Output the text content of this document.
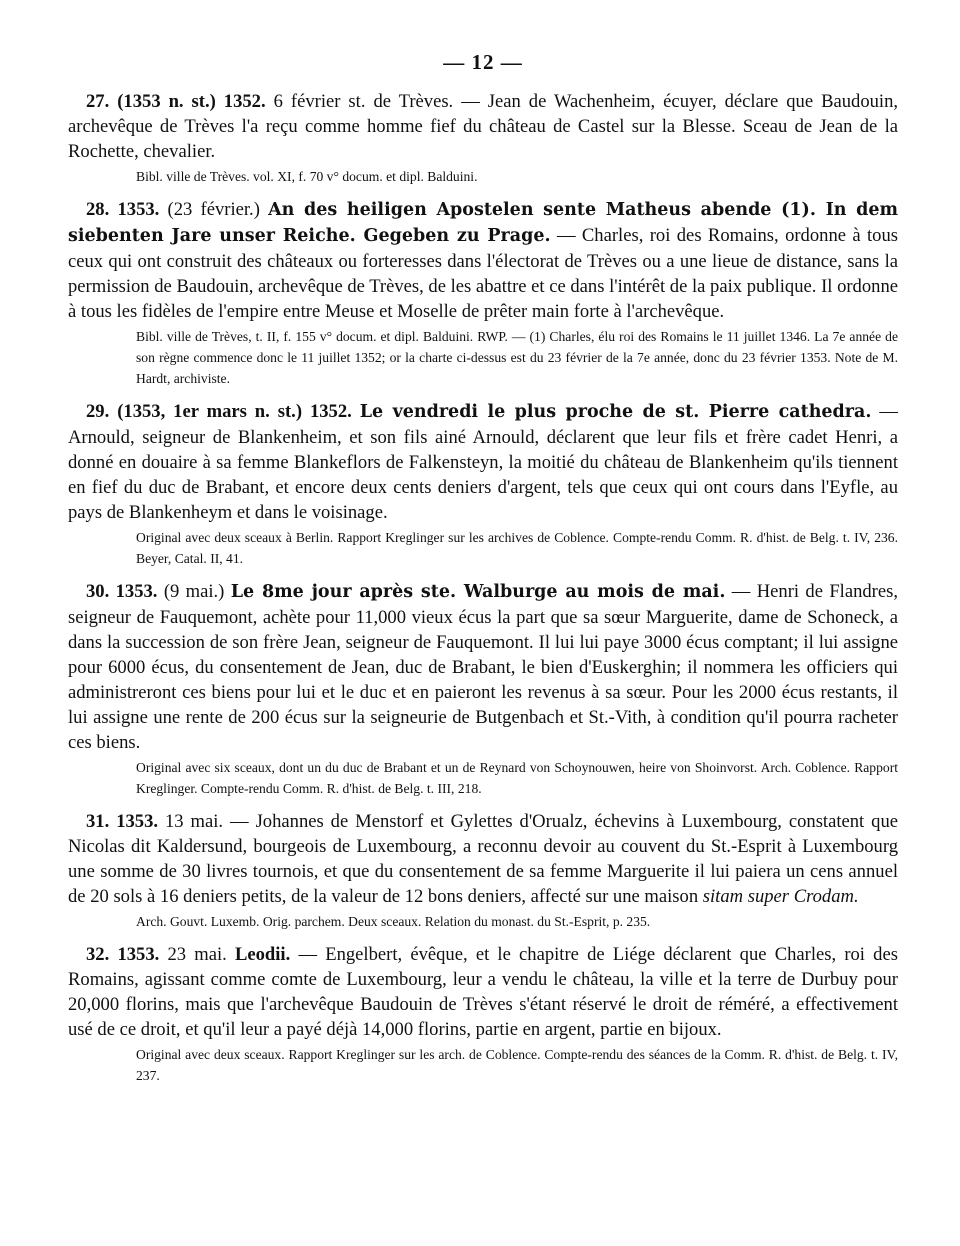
— 12 —

27. (1353 n. st.) 1352. 6 février st. de Trèves. — Jean de Wachenheim, écuyer, déclare que Baudouin, archevêque de Trèves l'a reçu comme homme fief du château de Castel sur la Blesse. Sceau de Jean de la Rochette, chevalier.

Bibl. ville de Trèves. vol. XI, f. 70 v° docum. et dipl. Balduini.

28. 1353. (23 février.) An des heiligen Apostelen sente Matheus abende (1). In dem siebenten Jare unser Reiche. Gegeben zu Prage. — Charles, roi des Romains, ordonne à tous ceux qui ont construit des châteaux ou forteresses dans l'électorat de Trèves ou a une lieue de distance, sans la permission de Baudouin, archevêque de Trèves, de les abattre et ce dans l'intérêt de la paix publique. Il ordonne à tous les fidèles de l'empire entre Meuse et Moselle de prêter main forte à l'archevêque.

Bibl. ville de Trèves, t. II, f. 155 v° docum. et dipl. Balduini. RWP. — (1) Charles, élu roi des Romains le 11 juillet 1346. La 7e année de son règne commence donc le 11 juillet 1352; or la charte ci-dessus est du 23 février de la 7e année, donc du 23 février 1353. Note de M. Hardt, archiviste.

29. (1353, 1er mars n. st.) 1352. Le vendredi le plus proche de st. Pierre cathedra. — Arnould, seigneur de Blankenheim, et son fils ainé Arnould, déclarent que leur fils et frère cadet Henri, a donné en douaire à sa femme Blankeflors de Falkensteyn, la moitié du château de Blankenheim qu'ils tiennent en fief du duc de Brabant, et encore deux cents deniers d'argent, tels que ceux qui ont cours dans l'Eyfle, au pays de Blankenheym et dans le voisinage.

Original avec deux sceaux à Berlin. Rapport Kreglinger sur les archives de Coblence. Compte-rendu Comm. R. d'hist. de Belg. t. IV, 236. Beyer, Catal. II, 41.

30. 1353. (9 mai.) Le 8me jour après ste. Walburge au mois de mai. — Henri de Flandres, seigneur de Fauquemont, achète pour 11,000 vieux écus la part que sa sœur Marguerite, dame de Schoneck, a dans la succession de son frère Jean, seigneur de Fauquemont. Il lui lui paye 3000 écus comptant; il lui assigne pour 6000 écus, du consentement de Jean, duc de Brabant, le bien d'Euskerghin; il nommera les officiers qui administreront ces biens pour lui et le duc et en paieront les revenus à sa sœur. Pour les 2000 écus restants, il lui assigne une rente de 200 écus sur la seigneurie de Butgenbach et St.-Vith, à condition qu'il pourra racheter ces biens.

Original avec six sceaux, dont un du duc de Brabant et un de Reynard von Schoynouwen, heire von Shoinvorst. Arch. Coblence. Rapport Kreglinger. Compte-rendu Comm. R. d'hist. de Belg. t. III, 218.

31. 1353. 13 mai. — Johannes de Menstorf et Gylettes d'Orualz, échevins à Luxembourg, constatent que Nicolas dit Kaldersund, bourgeois de Luxembourg, a reconnu devoir au couvent du St.-Esprit à Luxembourg une somme de 30 livres tournois, et que du consentement de sa femme Marguerite il lui paiera un cens annuel de 20 sols à 16 deniers petits, de la valeur de 12 bons deniers, affecté sur une maison sitam super Crodam.

Arch. Gouvt. Luxemb. Orig. parchem. Deux sceaux. Relation du monast. du St.-Esprit, p. 235.

32. 1353. 23 mai. Leodii. — Engelbert, évêque, et le chapitre de Liége déclarent que Charles, roi des Romains, agissant comme comte de Luxembourg, leur a vendu le château, la ville et la terre de Durbuy pour 20,000 florins, mais que l'archevêque Baudouin de Trèves s'étant réservé le droit de réméré, a effectivement usé de ce droit, et qu'il leur a payé déjà 14,000 florins, partie en argent, partie en bijoux.

Original avec deux sceaux. Rapport Kreglinger sur les arch. de Coblence. Compte-rendu des séances de la Comm. R. d'hist. de Belg. t. IV, 237.
